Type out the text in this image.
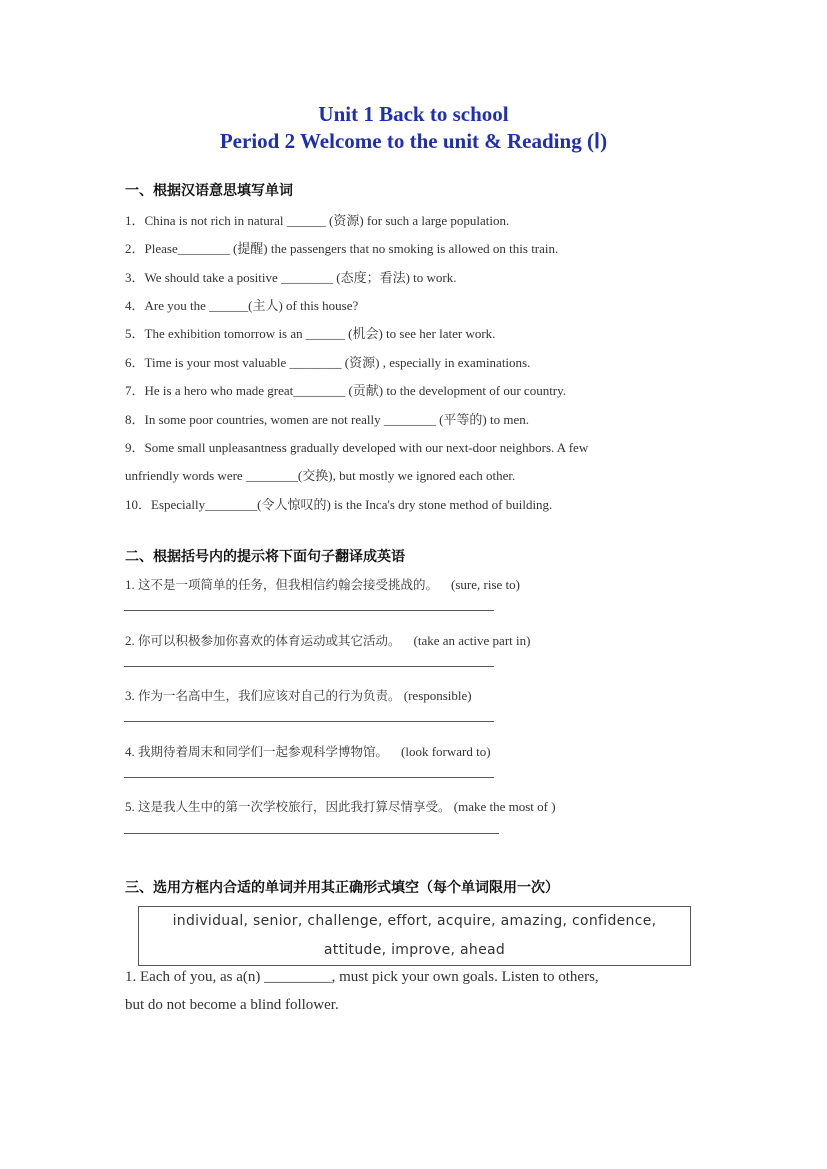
Unit 1 Back to school

Period 2 Welcome to the unit & Reading (Ⅰ)

一、根据汉语意思填写单词

1．China is not rich in natural ______ (资源) for such a large population.

2．Please________ (提醒) the passengers that no smoking is allowed on this train.

3．We should take a positive ________ (态度；看法) to work.

4．Are you the ______(主人) of this house?

5．The exhibition tomorrow is an ______ (机会) to see her later work.

6．Time is your most valuable ________ (资源) , especially in examinations.

7．He is a hero who made great________ (贡献) to the development of our country.

8．In some poor countries, women are not really ________ (平等的) to men.

9．Some small unpleasantness gradually developed with our next-door neighbors. A few

unfriendly words were ________(交换), but mostly we ignored each other.

10．Especially________(令人惊叹的) is the Inca's dry stone method of building.

二、根据括号内的提示将下面句子翻译成英语

1. 这不是一项简单的任务，但我相信约翰会接受挑战的。 (sure, rise to)

2. 你可以积极参加你喜欢的体育运动或其它活动。 (take an active part in)

3. 作为一名高中生，我们应该对自己的行为负责。 (responsible)

4. 我期待着周末和同学们一起参观科学博物馆。 (look forward to)

5. 这是我人生中的第一次学校旅行，因此我打算尽情享受。 (make the most of )

三、选用方框内合适的单词并用其正确形式填空（每个单词限用一次）

individual, senior, challenge, effort, acquire, amazing, confidence,
attitude, improve, ahead
1. Each of you, as a(n) _________, must pick your own goals. Listen to others,
but do not become a blind follower.
